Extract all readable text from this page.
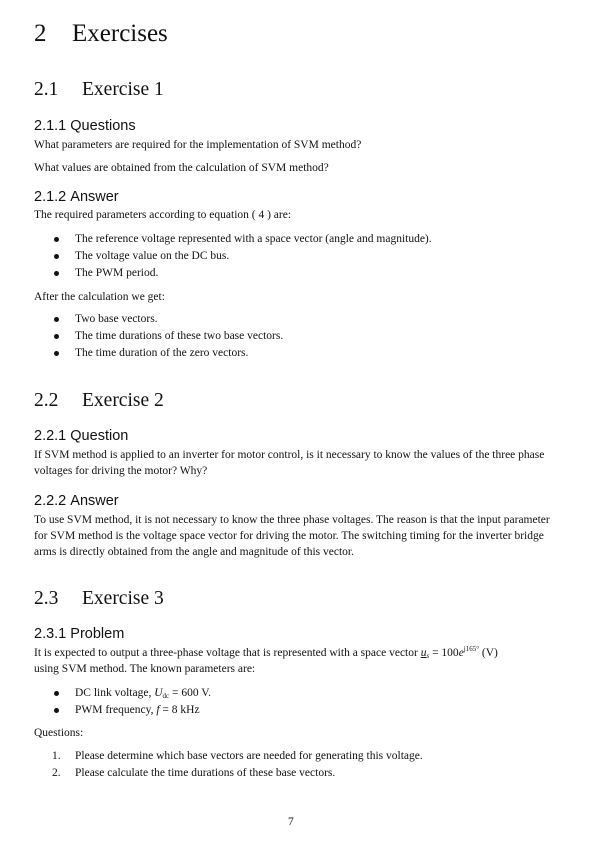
2 Exercises
2.1 Exercise 1
2.1.1 Questions
What parameters are required for the implementation of SVM method?
What values are obtained from the calculation of SVM method?
2.1.2 Answer
The required parameters according to equation ( 4 ) are:
The reference voltage represented with a space vector (angle and magnitude).
The voltage value on the DC bus.
The PWM period.
After the calculation we get:
Two base vectors.
The time durations of these two base vectors.
The time duration of the zero vectors.
2.2 Exercise 2
2.2.1 Question
If SVM method is applied to an inverter for motor control, is it necessary to know the values of the three phase voltages for driving the motor? Why?
2.2.2 Answer
To use SVM method, it is not necessary to know the three phase voltages. The reason is that the input parameter for SVM method is the voltage space vector for driving the motor. The switching timing for the inverter bridge arms is directly obtained from the angle and magnitude of this vector.
2.3 Exercise 3
2.3.1 Problem
It is expected to output a three-phase voltage that is represented with a space vector $u_s = 100e^{j165^\circ}$ (V)
using SVM method. The known parameters are:
DC link voltage, $U_{dc} = 600$ V.
PWM frequency, f = 8 kHz
Questions:
1. Please determine which base vectors are needed for generating this voltage.
2. Please calculate the time durations of these base vectors.
7
